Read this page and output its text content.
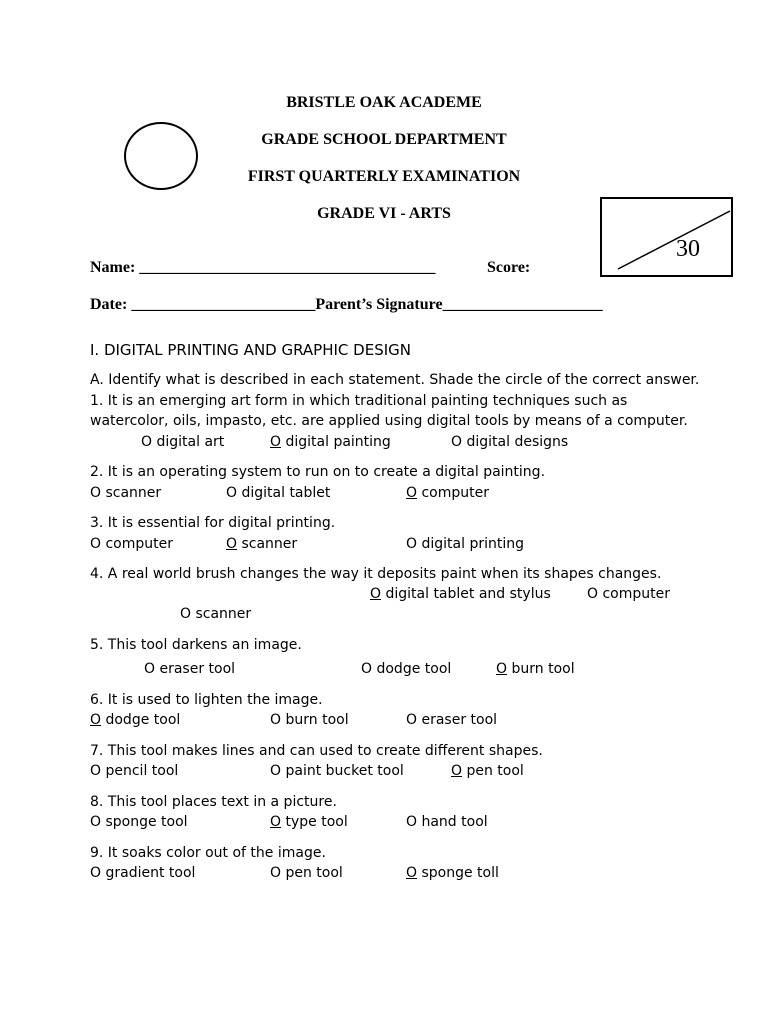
BRISTLE OAK ACADEME
GRADE SCHOOL DEPARTMENT
FIRST QUARTERLY EXAMINATION
GRADE VI - ARTS
30
Name: _____________________________________	Score:
Date: _______________________Parent’s Signature____________________
I. DIGITAL PRINTING AND GRAPHIC DESIGN
A. Identify what is described in each statement. Shade the circle of the correct answer.
1. It is an emerging art form in which traditional painting techniques such as
watercolor, oils, impasto, etc. are applied using digital tools by means of a computer.
O digital art	O digital painting	O digital designs
2. It is an operating system to run on to create a digital painting.
O scanner	O digital tablet	O computer
3. It is essential for digital printing.
O computer	O scanner	O digital printing
4. A real world brush changes the way it deposits paint when its shapes changes.
O digital tablet and stylus	O computer
O scanner
5. This tool darkens an image.
O eraser tool	O dodge tool	O burn tool
6. It is used to lighten the image.
O dodge tool	O burn tool	O eraser tool
7. This tool makes lines and can used to create different shapes.
O pencil tool	O paint bucket tool	O pen tool
8. This tool places text in a picture.
O sponge tool	O type tool	O hand tool
9. It soaks color out of the image.
O gradient tool	O pen tool	O sponge toll
